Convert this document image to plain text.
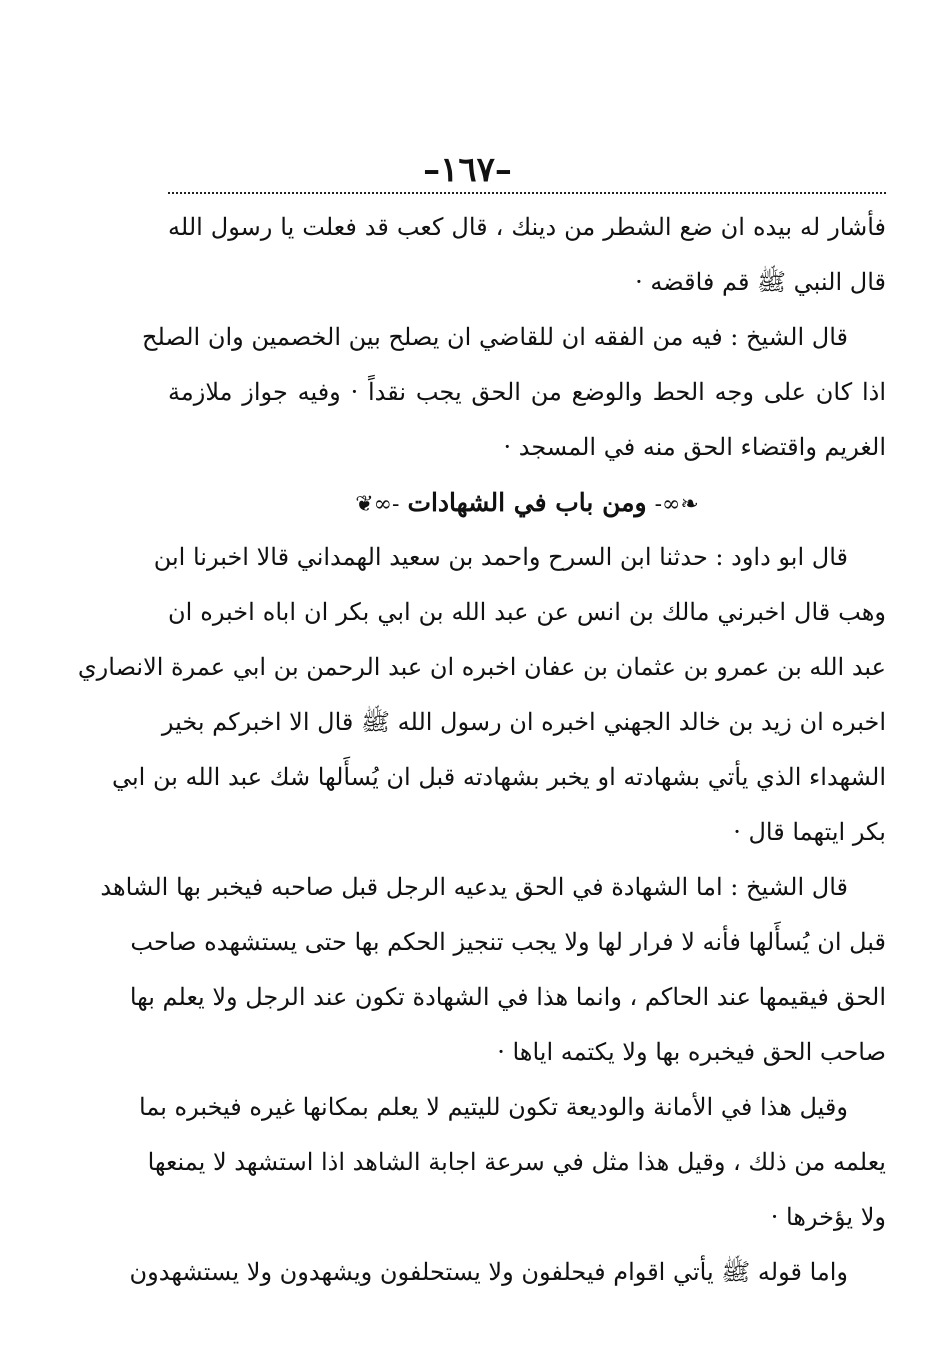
–١٦٧–
فأشار له بيده ان ضع الشطر من دينك ، قال كعب قد فعلت يا رسول الله
قال النبي ﷺ قم فاقضه ·
قال الشيخ : فيه من الفقه ان للقاضي ان يصلح بين الخصمين وان الصلح
اذا كان على وجه الحط والوضع من الحق يجب نقداً · وفيه جواز ملازمة
الغريم واقتضاء الحق منه في المسجد ·
❧∞-ومن باب في الشهادات-∞❦
قال ابو داود : حدثنا ابن السرح واحمد بن سعيد الهمداني قالا اخبرنا ابن
وهب قال اخبرني مالك بن انس عن عبد الله بن ابي بكر ان اباه اخبره ان
عبد الله بن عمرو بن عثمان بن عفان اخبره ان عبد الرحمن بن ابي عمرة الانصاري
اخبره ان زيد بن خالد الجهني اخبره ان رسول الله ﷺ قال الا اخبركم بخير
الشهداء الذي يأتي بشهادته او يخبر بشهادته قبل ان يُسأَلها شك عبد الله بن ابي
بكر ايتهما قال ·
قال الشيخ : اما الشهادة في الحق يدعيه الرجل قبل صاحبه فيخبر بها الشاهد
قبل ان يُسأَلها فأنه لا فرار لها ولا يجب تنجيز الحكم بها حتى يستشهده صاحب
الحق فيقيمها عند الحاكم ، وانما هذا في الشهادة تكون عند الرجل ولا يعلم بها
صاحب الحق فيخبره بها ولا يكتمه اياها ·
وقيل هذا في الأمانة والوديعة تكون لليتيم لا يعلم بمكانها غيره فيخبره بما
يعلمه من ذلك ، وقيل هذا مثل في سرعة اجابة الشاهد اذا استشهد لا يمنعها
ولا يؤخرها ·
واما قوله ﷺ يأتي اقوام فيحلفون ولا يستحلفون ويشهدون ولا يستشهدون
